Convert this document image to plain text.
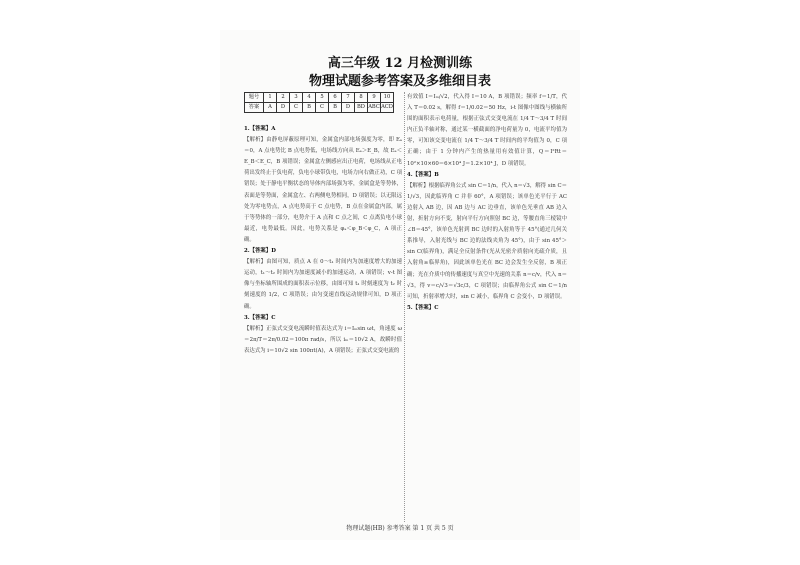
高三年级 12 月检测训练
物理试题参考答案及多维细目表
题号	1	2	3	4	5	6	7	8	9	10
答案	A	D	C	B	C	B	D	BD	ABC	ACD

1.【答案】A

【解析】由静电屏蔽原理可知，金属盒内部电场强度为零，即 Eₐ＝0，A 点电势比 B 点电势低，电场线方向从 Eₐ＞E_B，故 Eₐ＜E_B＜E_C，B 项错误；金属盒左侧感应出正电荷，电场线从正电荷出发终止于负电荷，负电小球带负电，电场力向右做正功，C 项错误；处于静电平衡状态的导体内部场强为零，金属盒是等势体，表面是等势面，金属盒左、右两侧电势相同，D 项错误；以无限远处为零电势点，A 点电势高于 C 点电势，B 点在金属盒内部，属于等势体的一部分，电势介于 A 点和 C 点之间，C 点离负电小球最近，电势最低。因此，电势关系是 φₐ＜φ_B＜φ_C，A 项正确。

2.【答案】D

【解析】由图可知，质点 A 在 0～t₁ 时间内为加速度增大的加速运动，t₁～t₂ 时间内为加速度减小的加速运动，A 项错误；v-t 图像与坐标轴所围成的面积表示位移，由图可知 t₁ 时刻速度为 t₂ 时刻速度的 1/2，C 项错误；由匀变速直线运动规律可知，D 项正确。

3.【答案】C

【解析】正弦式交变电流瞬时值表达式为 i＝Iₘsin ωt，角速度 ω＝2π/T＝2π/0.02＝100π rad/s，所以 iₘ＝10√2 A，故瞬时值表达式为 i＝10√2 sin 100πt(A)，A 项错误；正弦式交变电流的

有效值 I＝Iₘ/√2，代入得 I＝10 A，B 项错误；频率 f＝1/T，代入 T＝0.02 s，解得 f＝1/0.02＝50 Hz，i-t 图像中图线与横轴所围的面积表示电荷量，根据正弦式交变电流在 1/4 T～3/4 T 时间内正负半轴对称，通过某一横截面的净电荷量为 0，电流平均值为零，可知该交变电流在 1/4 T～3/4 T 时间内的平均值为 0，C 项正确；由于 1 分钟内产生的热量用有效值计算，Q＝I²Rt＝10²×10×60＝6×10⁴ J＝1.2×10⁴ J，D 项错误。

4.【答案】B

【解析】根据临界角公式 sin C＝1/n，代入 n＝√3，解得 sin C＝1/√3，因此临界角 C 并非 60°，A 项错误；该单色光平行于 AC 边射入 AB 边，因 AB 边与 AC 边垂直，该单色光垂直 AB 边入射，折射方向不变，射向平行方向照射 BC 边，等腰直角三棱镜中 ∠B＝45°，该单色光射到 BC 边时的入射角等于 45°(通过几何关系推导，入射光线与 BC 边的法线夹角为 45°)，由于 sin 45°＞sin C(临界角)，满足全反射条件(光从光密介质射向光疏介质，且入射角≥临界角)，因此该单色光在 BC 边会发生全反射，B 项正确；光在介质中的传播速度与真空中光速的关系 n＝c/v，代入 n＝√3，得 v＝c/√3＝√3c/3，C 项错误；由临界角公式 sin C＝1/n 可知，折射率增大时，sin C 减小，临界角 C 会变小，D 项错误。

5.【答案】C

物理试题(HB) 参考答案 第 1 页 共 5 页
